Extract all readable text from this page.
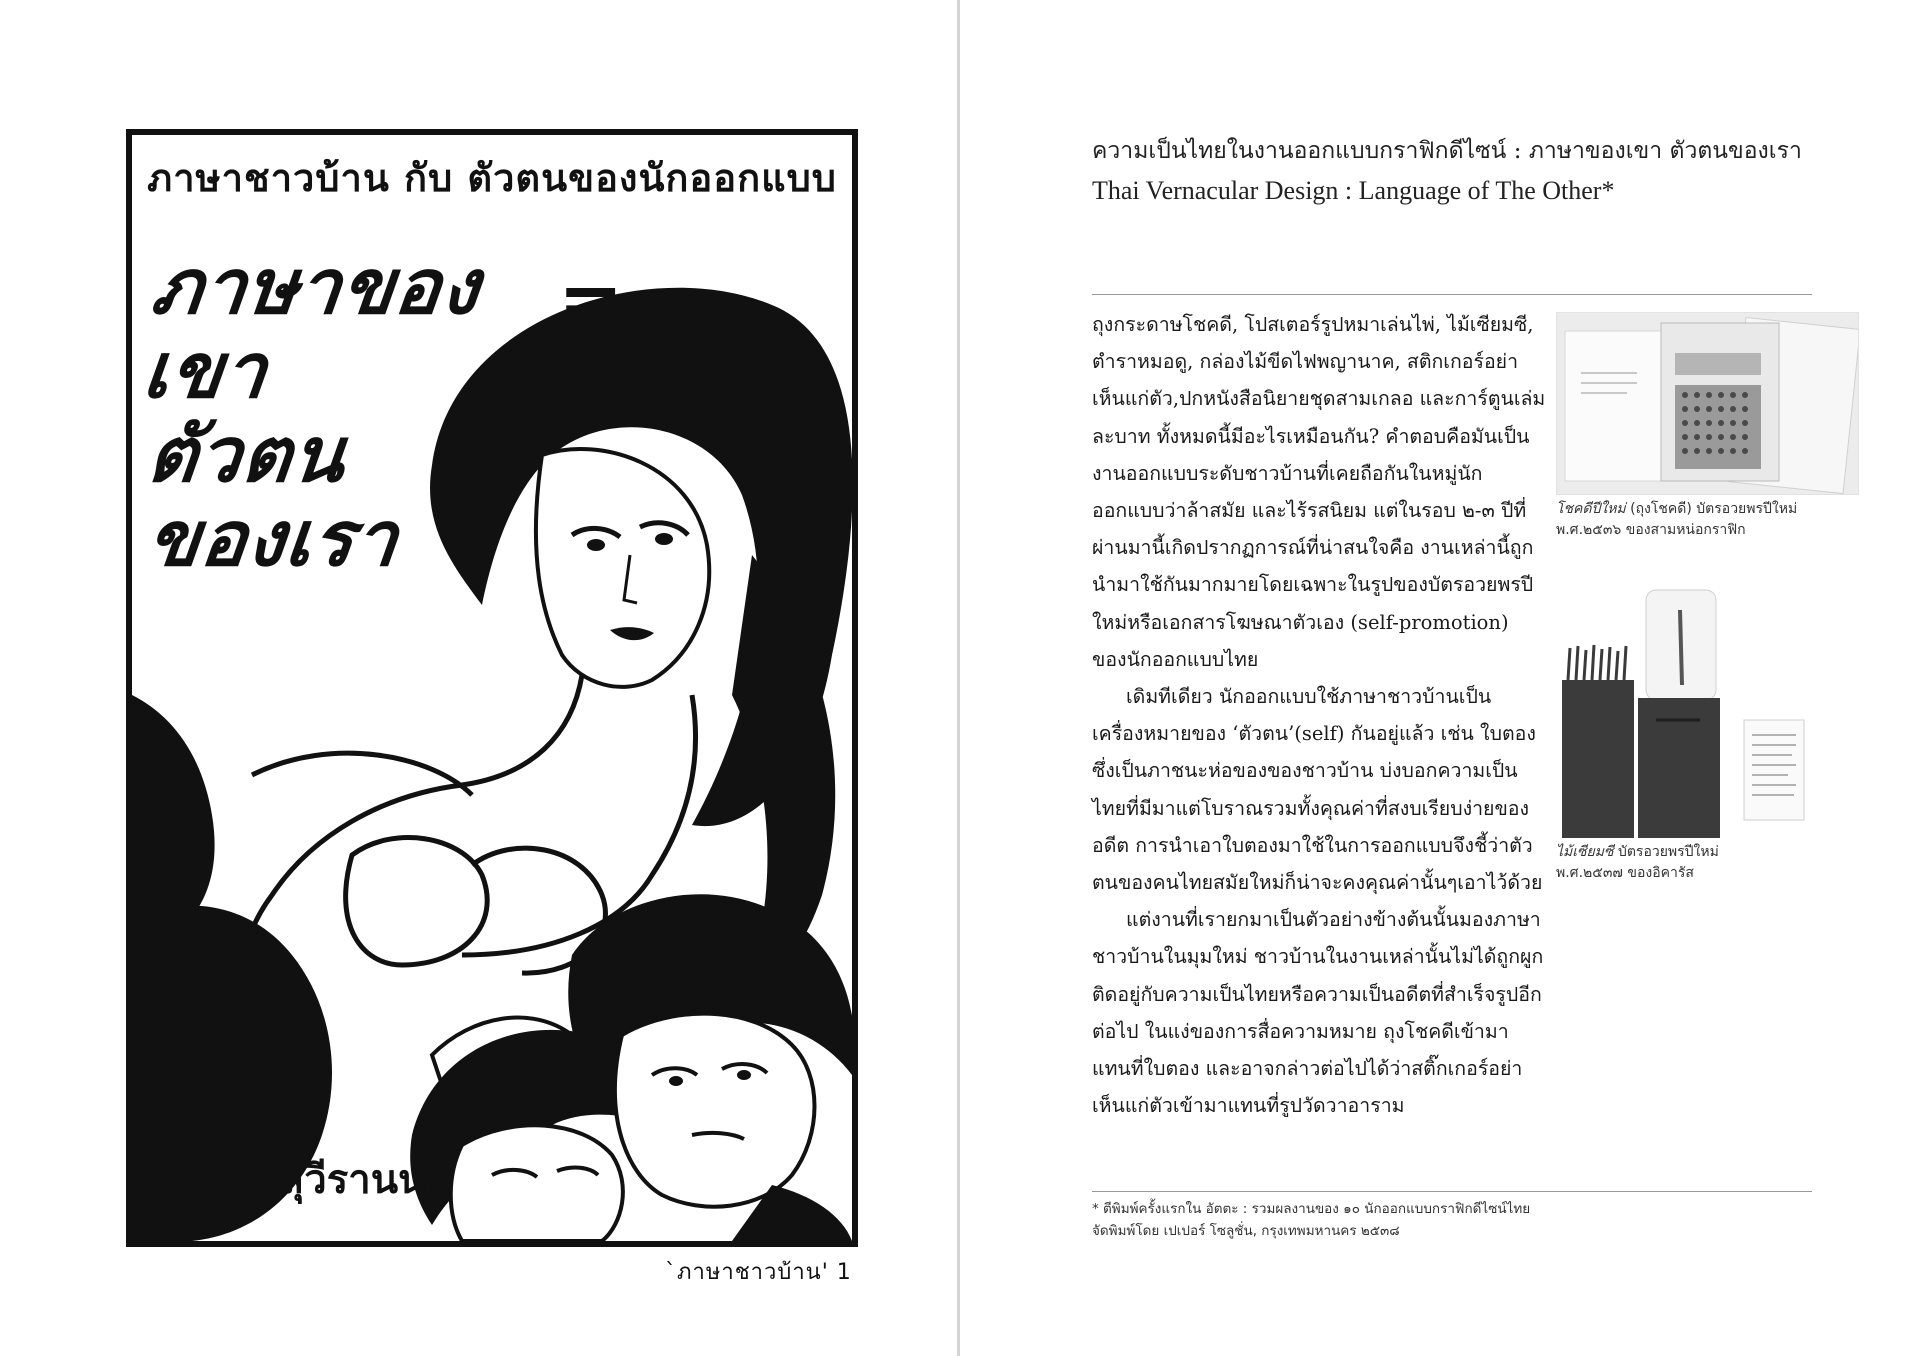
ภาษาชาวบ้าน กับ ตัวตนของนักออกแบบ
ภาษาของเขา
ตัวตน
ของเรา
=
โดย
ประชา สุวีรานนท์
`ภาษาชาวบ้าน' 1
ความเป็นไทยในงานออกแบบกราฟิกดีไซน์ : ภาษาของเขา ตัวตนของเรา
Thai Vernacular Design : Language of The Other*

ถุงกระดาษโชคดี, โปสเตอร์รูปหมาเล่นไพ่, ไม้เซียมซี, ตำราหมอดู, กล่องไม้ขีดไฟพญานาค, สติกเกอร์อย่าเห็นแก่ตัว,ปกหนังสือนิยายชุดสามเกลอ และการ์ตูนเล่มละบาท ทั้งหมดนี้มีอะไรเหมือนกัน? คำตอบคือมันเป็นงานออกแบบระดับชาวบ้านที่เคยถือกันในหมู่นักออกแบบว่าล้าสมัย และไร้รสนิยม แต่ในรอบ ๒-๓ ปีที่ผ่านมานี้เกิดปรากฏการณ์ที่น่าสนใจคือ งานเหล่านี้ถูกนำมาใช้กันมากมายโดยเฉพาะในรูปของบัตรอวยพรปีใหม่หรือเอกสารโฆษณาตัวเอง (self-promotion) ของนักออกแบบไทย

เดิมทีเดียว นักออกแบบใช้ภาษาชาวบ้านเป็นเครื่องหมายของ ‘ตัวตน’(self) กันอยู่แล้ว เช่น ใบตองซึ่งเป็นภาชนะห่อของของชาวบ้าน บ่งบอกความเป็นไทยที่มีมาแต่โบราณรวมทั้งคุณค่าที่สงบเรียบง่ายของอดีต การนำเอาใบตองมาใช้ในการออกแบบจึงชี้ว่าตัวตนของคนไทยสมัยใหม่ก็น่าจะคงคุณค่านั้นๆเอาไว้ด้วย

แต่งานที่เรายกมาเป็นตัวอย่างข้างต้นนั้นมองภาษาชาวบ้านในมุมใหม่ ชาวบ้านในงานเหล่านั้นไม่ได้ถูกผูกติดอยู่กับความเป็นไทยหรือความเป็นอดีตที่สำเร็จรูปอีกต่อไป ในแง่ของการสื่อความหมาย ถุงโชคดีเข้ามาแทนที่ใบตอง และอาจกล่าวต่อไปได้ว่าสติ๊กเกอร์อย่าเห็นแก่ตัวเข้ามาแทนที่รูปวัดวาอาราม

โชคดีปีใหม่ (ถุงโชคดี) บัตรอวยพรปีใหม่
พ.ศ.๒๕๓๖ ของสามหน่อกราฟิก
ไม้เซียมซี บัตรอวยพรปีใหม่
พ.ศ.๒๕๓๗ ของอิคารัส
* ตีพิมพ์ครั้งแรกใน อัตตะ : รวมผลงานของ ๑๐ นักออกแบบกราฟิกดีไซน์ไทย
จัดพิมพ์โดย เปเปอร์ โซลูชั่น, กรุงเทพมหานคร ๒๕๓๘
